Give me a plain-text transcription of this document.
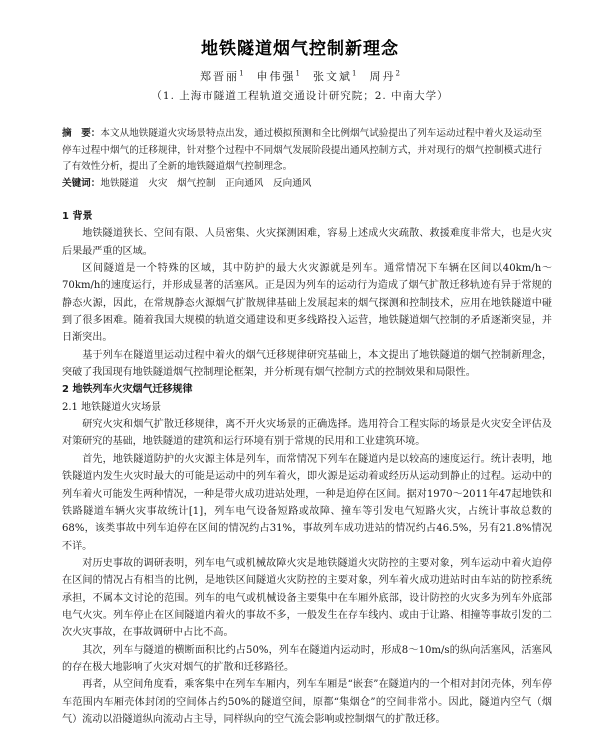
地铁隧道烟气控制新理念
郑晋丽$^1$　 申伟强$^1$　 张文斌$^1$　 周丹$^2$
（1. 上海市隧道工程轨道交通设计研究院；2. 中南大学）
摘　要：本文从地铁隧道火灾场景特点出发，通过模拟预测和全比例烟气试验提出了列车运动过程中着火及运动至停车过程中烟气的迁移规律，针对整个过程中不同烟气发展阶段提出通风控制方式，并对现行的烟气控制模式进行了有效性分析，提出了全新的地铁隧道烟气控制理念。
关键词：地铁隧道　火灾　烟气控制　正向通风　反向通风

1 背景

地铁隧道狭长、空间有限、人员密集、火灾探测困难，容易上述成火灾疏散、救援难度非常大，也是火灾后果最严重的区域。

区间隧道是一个特殊的区域，其中防护的最大火灾源就是列车。通常情况下车辆在区间以40km/h～70km/h的速度运行，并形成显著的活塞风。正是因为列车的运动行为造成了烟气扩散迁移轨迹有异于常规的静态火源，因此，在常规静态火源烟气扩散规律基础上发展起来的烟气探测和控制技术，应用在地铁隧道中碰到了很多困难。随着我国大规模的轨道交通建设和更多线路投入运营，地铁隧道烟气控制的矛盾逐渐突显，并日渐突出。

基于列车在隧道里运动过程中着火的烟气迁移规律研究基础上，本文提出了地铁隧道的烟气控制新理念，突破了我国现有地铁隧道烟气控制理论框架，并分析现有烟气控制方式的控制效果和局限性。

2 地铁列车火灾烟气迁移规律

2.1 地铁隧道火灾场景

研究火灾和烟气扩散迁移规律，离不开火灾场景的正确选择。选用符合工程实际的场景是火灾安全评估及对策研究的基础，地铁隧道的建筑和运行环境有别于常规的民用和工业建筑环境。

首先，地铁隧道防护的火灾源主体是列车，而常情况下列车在隧道内是以较高的速度运行。统计表明，地铁隧道内发生火灾时最大的可能是运动中的列车着火，即火源是运动着或经历从运动到静止的过程。运动中的列车着火可能发生两种情况，一种是带火成功进站处理，一种是迫停在区间。据对1970～2011年47起地铁和铁路隧道车辆火灾事故统计[1]，列车电气设备短路或故障、撞车等引发电气短路火灾，占统计事故总数的68%，该类事故中列车迫停在区间的情况约占31%，事故列车成功进站的情况约占46.5%，另有21.8%情况不详。

对历史事故的调研表明，列车电气或机械故障火灾是地铁隧道火灾防控的主要对象，列车运动中着火迫停在区间的情况占有相当的比例，是地铁区间隧道火灾防控的主要对象，列车着火成功进站时由车站的防控系统承担，不属本文讨论的范围。列车的电气或机械设备主要集中在车厢外底部，设计防控的火灾多为列车外底部电气火灾。列车停止在区间隧道内着火的事故不多，一般发生在存车线内、或由于让路、相撞等事故引发的二次火灾事故，在事故调研中占比不高。

其次，列车与隧道的横断面积比约占50%，列车在隧道内运动时，形成8～10m/s的纵向活塞风，活塞风的存在极大地影响了火灾对烟气的扩散和迁移路径。

再者，从空间角度看，乘客集中在列车车厢内，列车车厢是“嵌套”在隧道内的一个相对封闭壳体，列车停车范围内车厢壳体封闭的空间体占约50%的隧道空间，原都“集烟仓”的空间非常小。因此，隧道内空气（烟气）流动以沿隧道纵向流动占主导，同样纵向的空气流会影响或控制烟气的扩散迁移。
